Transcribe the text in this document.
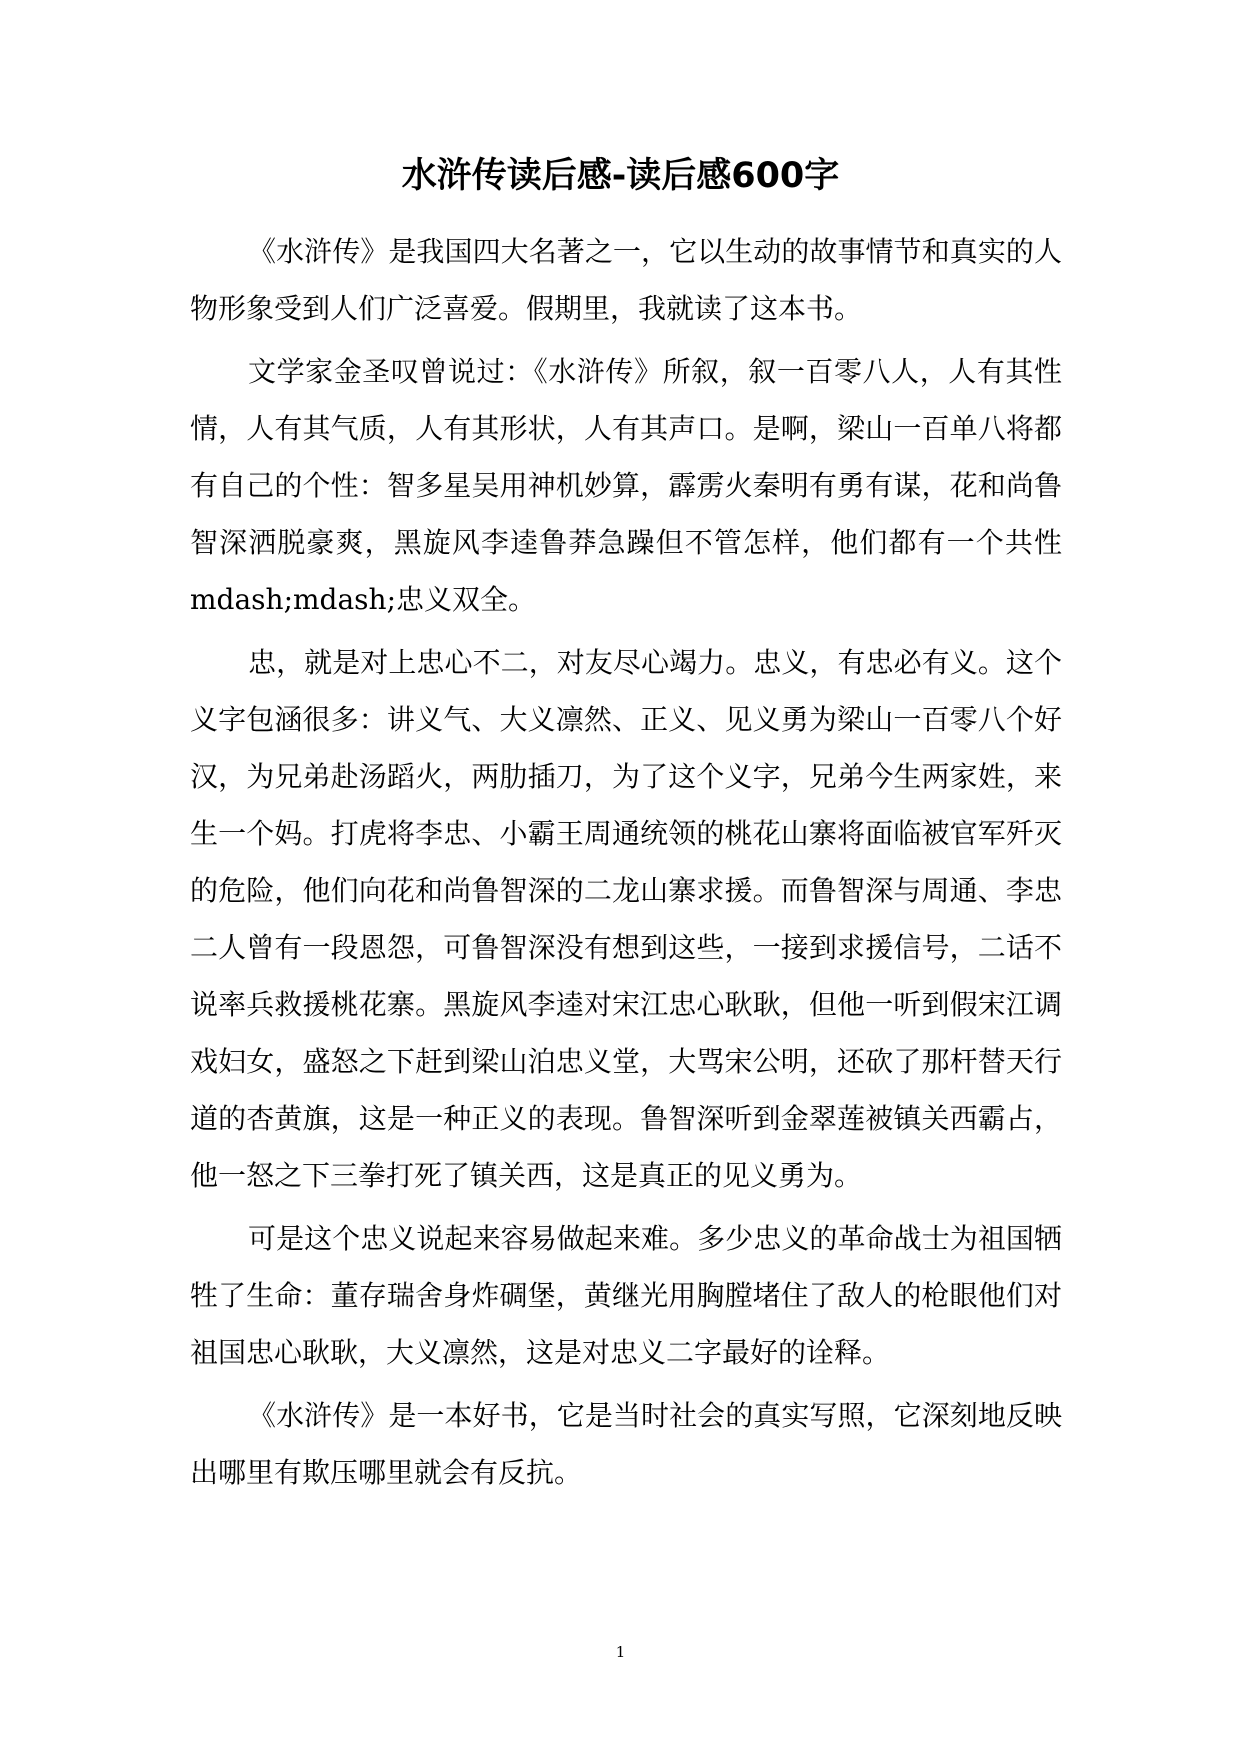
水浒传读后感-读后感600字

《水浒传》是我国四大名著之一，它以生动的故事情节和真实的人物形象受到人们广泛喜爱。假期里，我就读了这本书。

文学家金圣叹曾说过：《水浒传》所叙，叙一百零八人，人有其性情，人有其气质，人有其形状，人有其声口。是啊，梁山一百单八将都有自己的个性：智多星吴用神机妙算，霹雳火秦明有勇有谋，花和尚鲁智深洒脱豪爽，黑旋风李逵鲁莽急躁但不管怎样，他们都有一个共性 mdash;mdash;忠义双全。

忠，就是对上忠心不二，对友尽心竭力。忠义，有忠必有义。这个义字包涵很多：讲义气、大义凛然、正义、见义勇为梁山一百零八个好汉，为兄弟赴汤蹈火，两肋插刀，为了这个义字，兄弟今生两家姓，来生一个妈。打虎将李忠、小霸王周通统领的桃花山寨将面临被官军歼灭的危险，他们向花和尚鲁智深的二龙山寨求援。而鲁智深与周通、李忠二人曾有一段恩怨，可鲁智深没有想到这些，一接到求援信号，二话不说率兵救援桃花寨。黑旋风李逵对宋江忠心耿耿，但他一听到假宋江调戏妇女，盛怒之下赶到梁山泊忠义堂，大骂宋公明，还砍了那杆替天行道的杏黄旗，这是一种正义的表现。鲁智深听到金翠莲被镇关西霸占，他一怒之下三拳打死了镇关西，这是真正的见义勇为。

可是这个忠义说起来容易做起来难。多少忠义的革命战士为祖国牺牲了生命：董存瑞舍身炸碉堡，黄继光用胸膛堵住了敌人的枪眼他们对祖国忠心耿耿，大义凛然，这是对忠义二字最好的诠释。

《水浒传》是一本好书，它是当时社会的真实写照，它深刻地反映出哪里有欺压哪里就会有反抗。

1
